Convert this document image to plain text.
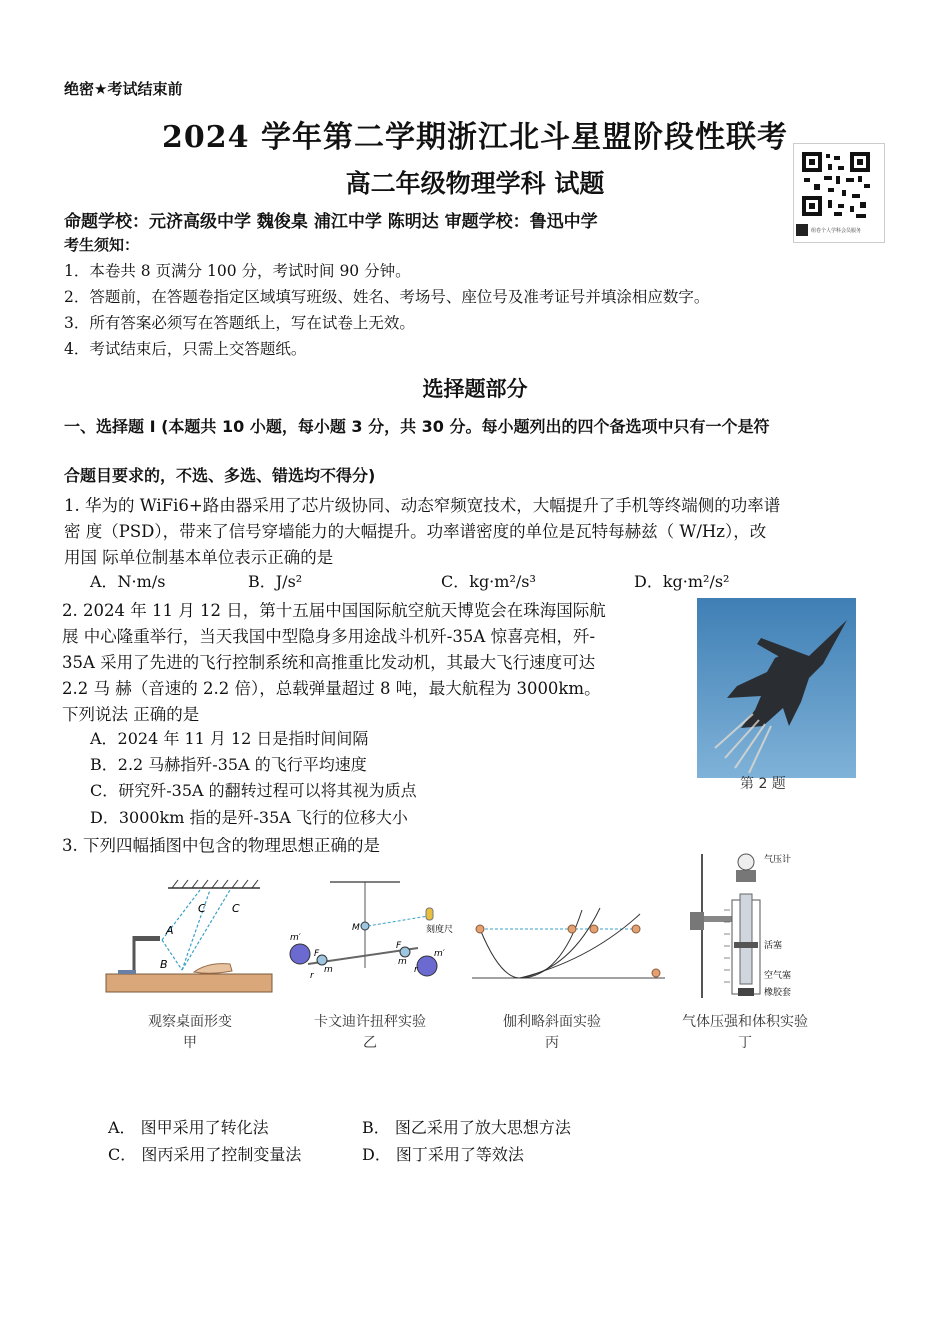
绝密★考试结束前
2024 学年第二学期浙江北斗星盟阶段性联考
高二年级物理学科 试题
命题学校：元济高级中学 魏俊臬 浦江中学 陈明达 审题学校：鲁迅中学	组卷个人学科会员服务
考生须知：
1．本卷共 8 页满分 100 分，考试时间 90 分钟。
2．答题前，在答题卷指定区域填写班级、姓名、考场号、座位号及准考证号并填涂相应数字。
3．所有答案必须写在答题纸上，写在试卷上无效。
4．考试结束后，只需上交答题纸。
选择题部分
一、选择题 Ⅰ (本题共 10 小题，每小题 3 分，共 30 分。每小题列出的四个备选项中只有一个是符
合题目要求的，不选、多选、错选均不得分)
1. 华为的 WiFi6+路由器采用了芯片级协同、动态窄频宽技术，大幅提升了手机等终端侧的功率谱
密 度（PSD），带来了信号穿墙能力的大幅提升。功率谱密度的单位是瓦特每赫兹（ W/Hz），改
用国 际单位制基本单位表示正确的是
A．N·m/s	B．J/s²	C．kg·m²/s³	D．kg·m²/s²
2. 2024 年 11 月 12 日，第十五届中国国际航空航天博览会在珠海国际航
展 中心隆重举行，当天我国中型隐身多用途战斗机歼-35A 惊喜亮相，歼-
35A 采用了先进的飞行控制系统和高推重比发动机，其最大飞行速度可达
2.2 马 赫（音速的 2.2 倍），总载弹量超过 8 吨，最大航程为 3000km。
下列说法 正确的是
A．2024 年 11 月 12 日是指时间间隔
B．2.2 马赫指歼-35A 的飞行平均速度
C．研究歼-35A 的翻转过程可以将其视为质点
D．3000km 指的是歼-35A 飞行的位移大小
第 2 题
3. 下列四幅插图中包含的物理思想正确的是
A
B
C C
M	刻度尺
m′
m′
F
F
r
r
m
m
气压计
活塞
空气塞
橡胶套
观察桌面形变
甲
卡文迪许扭秤实验
乙
伽利略斜面实验
丙
气体压强和体积实验
丁
A． 图甲采用了转化法	B． 图乙采用了放大思想方法
C． 图丙采用了控制变量法	D． 图丁采用了等效法
